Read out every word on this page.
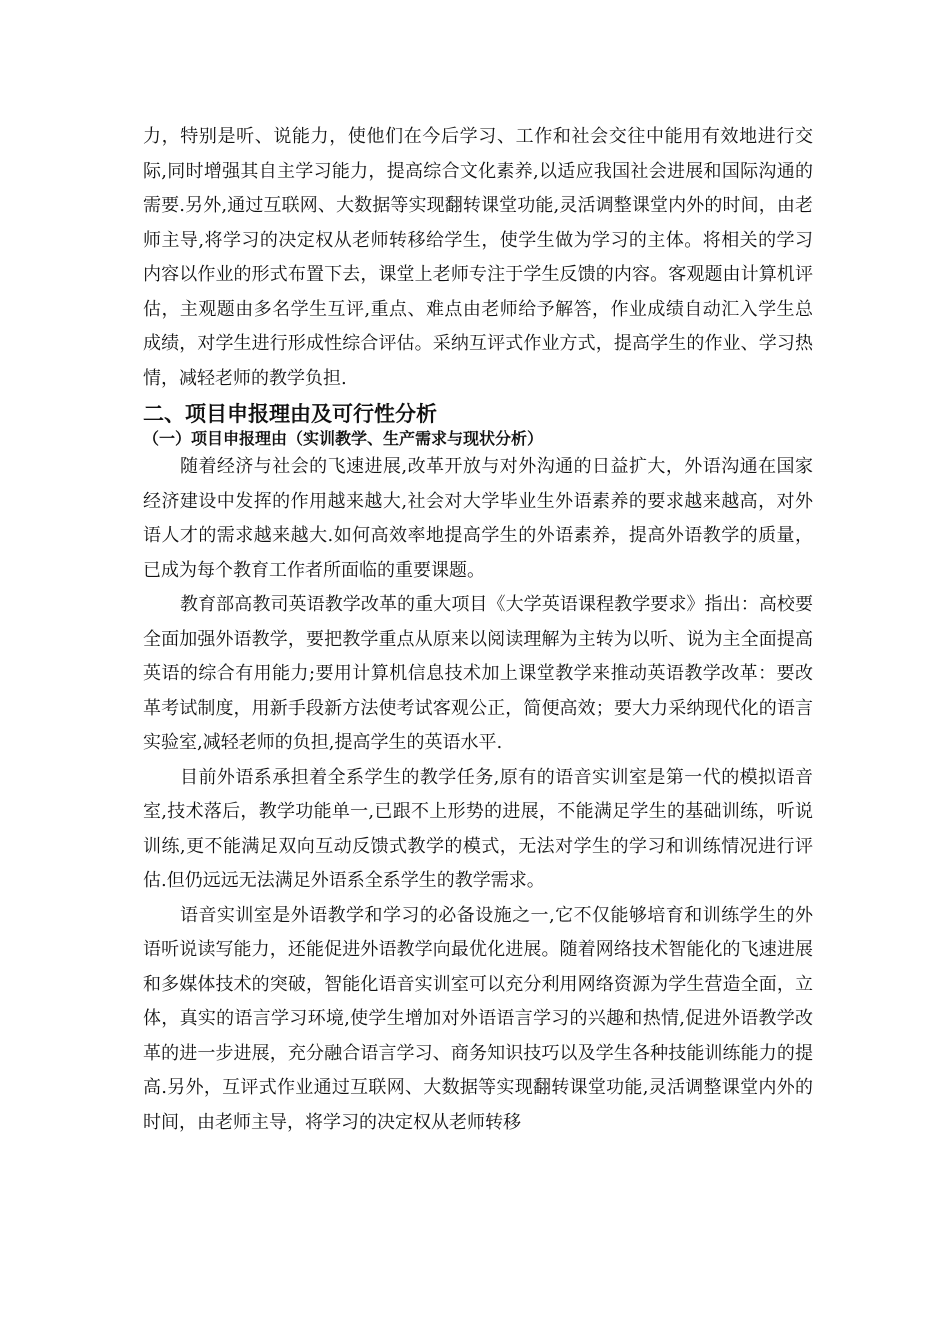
力，特别是听、说能力，使他们在今后学习、工作和社会交往中能用有效地进行交际,同时增强其自主学习能力，提高综合文化素养,以适应我国社会进展和国际沟通的需要.另外,通过互联网、大数据等实现翻转课堂功能,灵活调整课堂内外的时间，由老师主导,将学习的决定权从老师转移给学生，使学生做为学习的主体。将相关的学习内容以作业的形式布置下去，课堂上老师专注于学生反馈的内容。客观题由计算机评估，主观题由多名学生互评,重点、难点由老师给予解答，作业成绩自动汇入学生总成绩，对学生进行形成性综合评估。采纳互评式作业方式，提高学生的作业、学习热情，减轻老师的教学负担.

二、项目申报理由及可行性分析
（一）项目申报理由（实训教学、生产需求与现状分析）

随着经济与社会的飞速进展,改革开放与对外沟通的日益扩大，外语沟通在国家经济建设中发挥的作用越来越大,社会对大学毕业生外语素养的要求越来越高，对外语人才的需求越来越大.如何高效率地提高学生的外语素养，提高外语教学的质量，已成为每个教育工作者所面临的重要课题。

教育部高教司英语教学改革的重大项目《大学英语课程教学要求》指出：高校要全面加强外语教学，要把教学重点从原来以阅读理解为主转为以听、说为主全面提高英语的综合有用能力;要用计算机信息技术加上课堂教学来推动英语教学改革：要改革考试制度，用新手段新方法使考试客观公正，简便高效；要大力采纳现代化的语言实验室,减轻老师的负担,提高学生的英语水平.

目前外语系承担着全系学生的教学任务,原有的语音实训室是第一代的模拟语音室,技术落后，教学功能单一,已跟不上形势的进展，不能满足学生的基础训练，听说训练,更不能满足双向互动反馈式教学的模式，无法对学生的学习和训练情况进行评估.但仍远远无法满足外语系全系学生的教学需求。

语音实训室是外语教学和学习的必备设施之一,它不仅能够培育和训练学生的外语听说读写能力，还能促进外语教学向最优化进展。随着网络技术智能化的飞速进展和多媒体技术的突破，智能化语音实训室可以充分利用网络资源为学生营造全面，立体，真实的语言学习环境,使学生增加对外语语言学习的兴趣和热情,促进外语教学改革的进一步进展，充分融合语言学习、商务知识技巧以及学生各种技能训练能力的提高.另外，互评式作业通过互联网、大数据等实现翻转课堂功能,灵活调整课堂内外的时间，由老师主导，将学习的决定权从老师转移
